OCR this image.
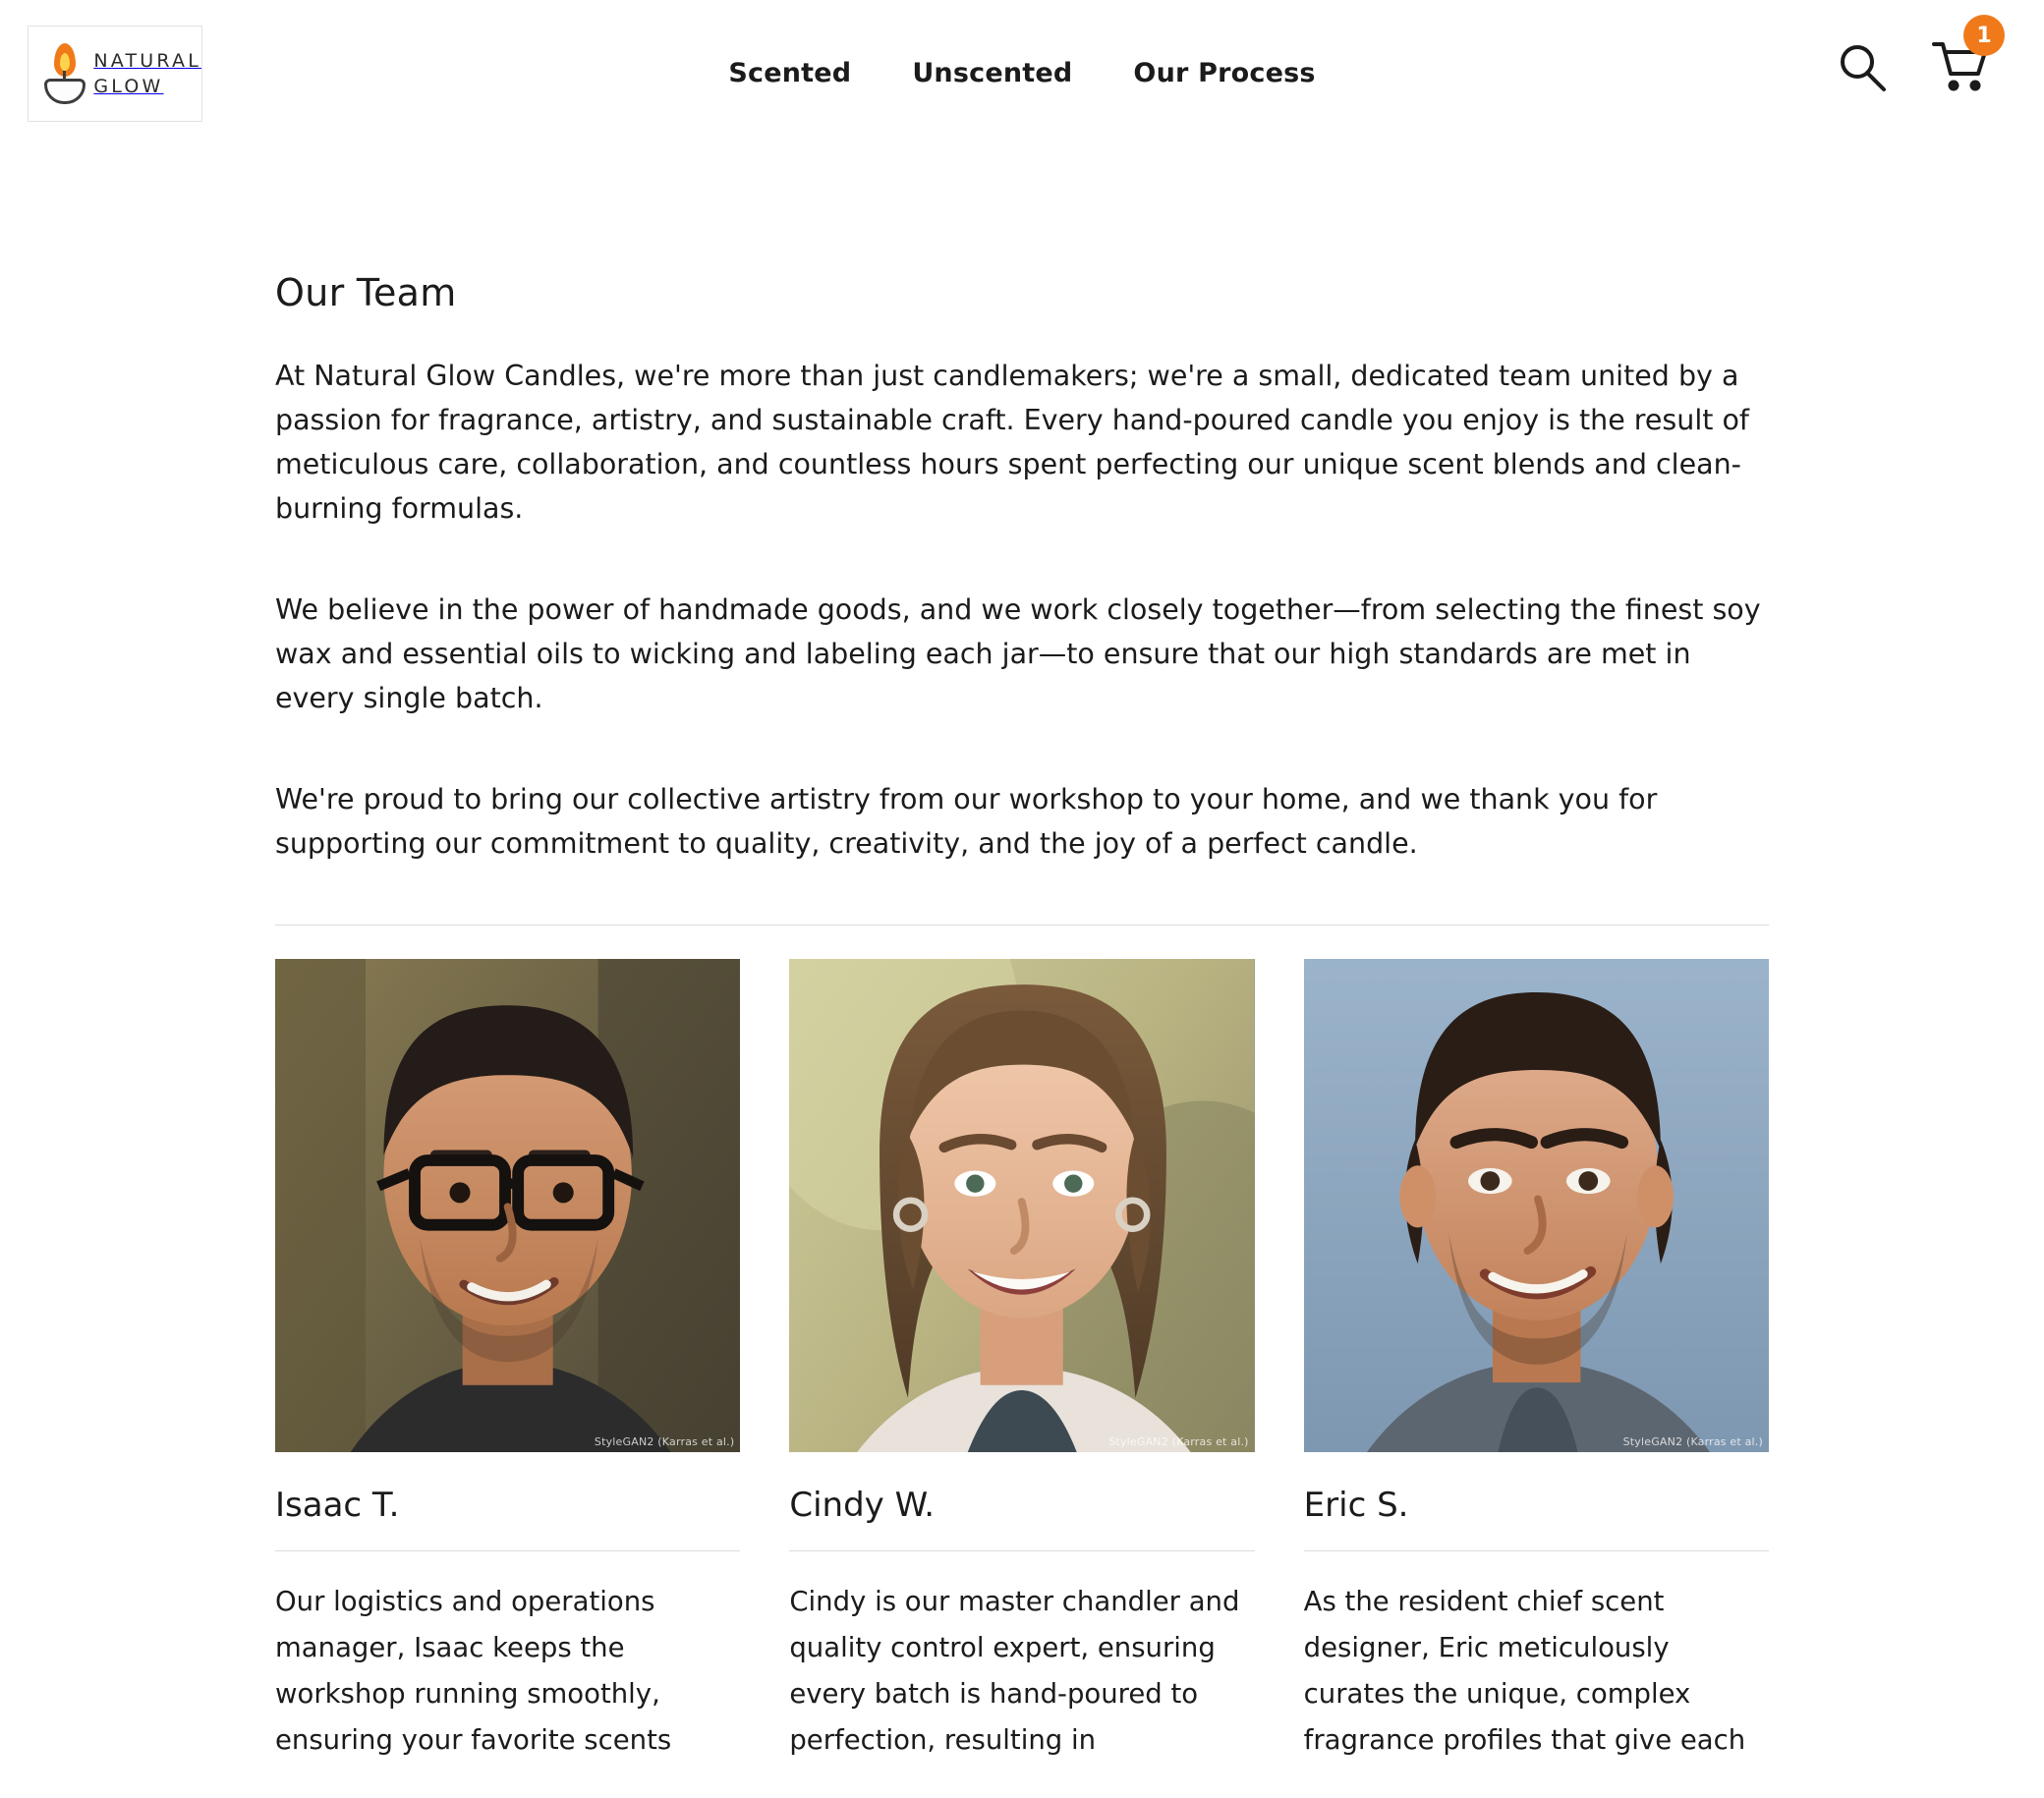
NATURAL
GLOW	Scented Unscented Our Process
1
Our Team

At Natural Glow Candles, we're more than just candlemakers; we're a small, dedicated team united by a passion for fragrance, artistry, and sustainable craft. Every hand-poured candle you enjoy is the result of meticulous care, collaboration, and countless hours spent perfecting our unique scent blends and clean-burning formulas.

We believe in the power of handmade goods, and we work closely together—from selecting the finest soy wax and essential oils to wicking and labeling each jar—to ensure that our high standards are met in every single batch.

We're proud to bring our collective artistry from our workshop to your home, and we thank you for supporting our commitment to quality, creativity, and the joy of a perfect candle.

StyleGAN2 (Karras et al.)
Isaac T.

Our logistics and operations manager, Isaac keeps the workshop running smoothly, ensuring your favorite scents

StyleGAN2 (Karras et al.)
Cindy W.

Cindy is our master chandler and quality control expert, ensuring every batch is hand-poured to perfection, resulting in

StyleGAN2 (Karras et al.)
Eric S.

As the resident chief scent designer, Eric meticulously curates the unique, complex fragrance profiles that give each
